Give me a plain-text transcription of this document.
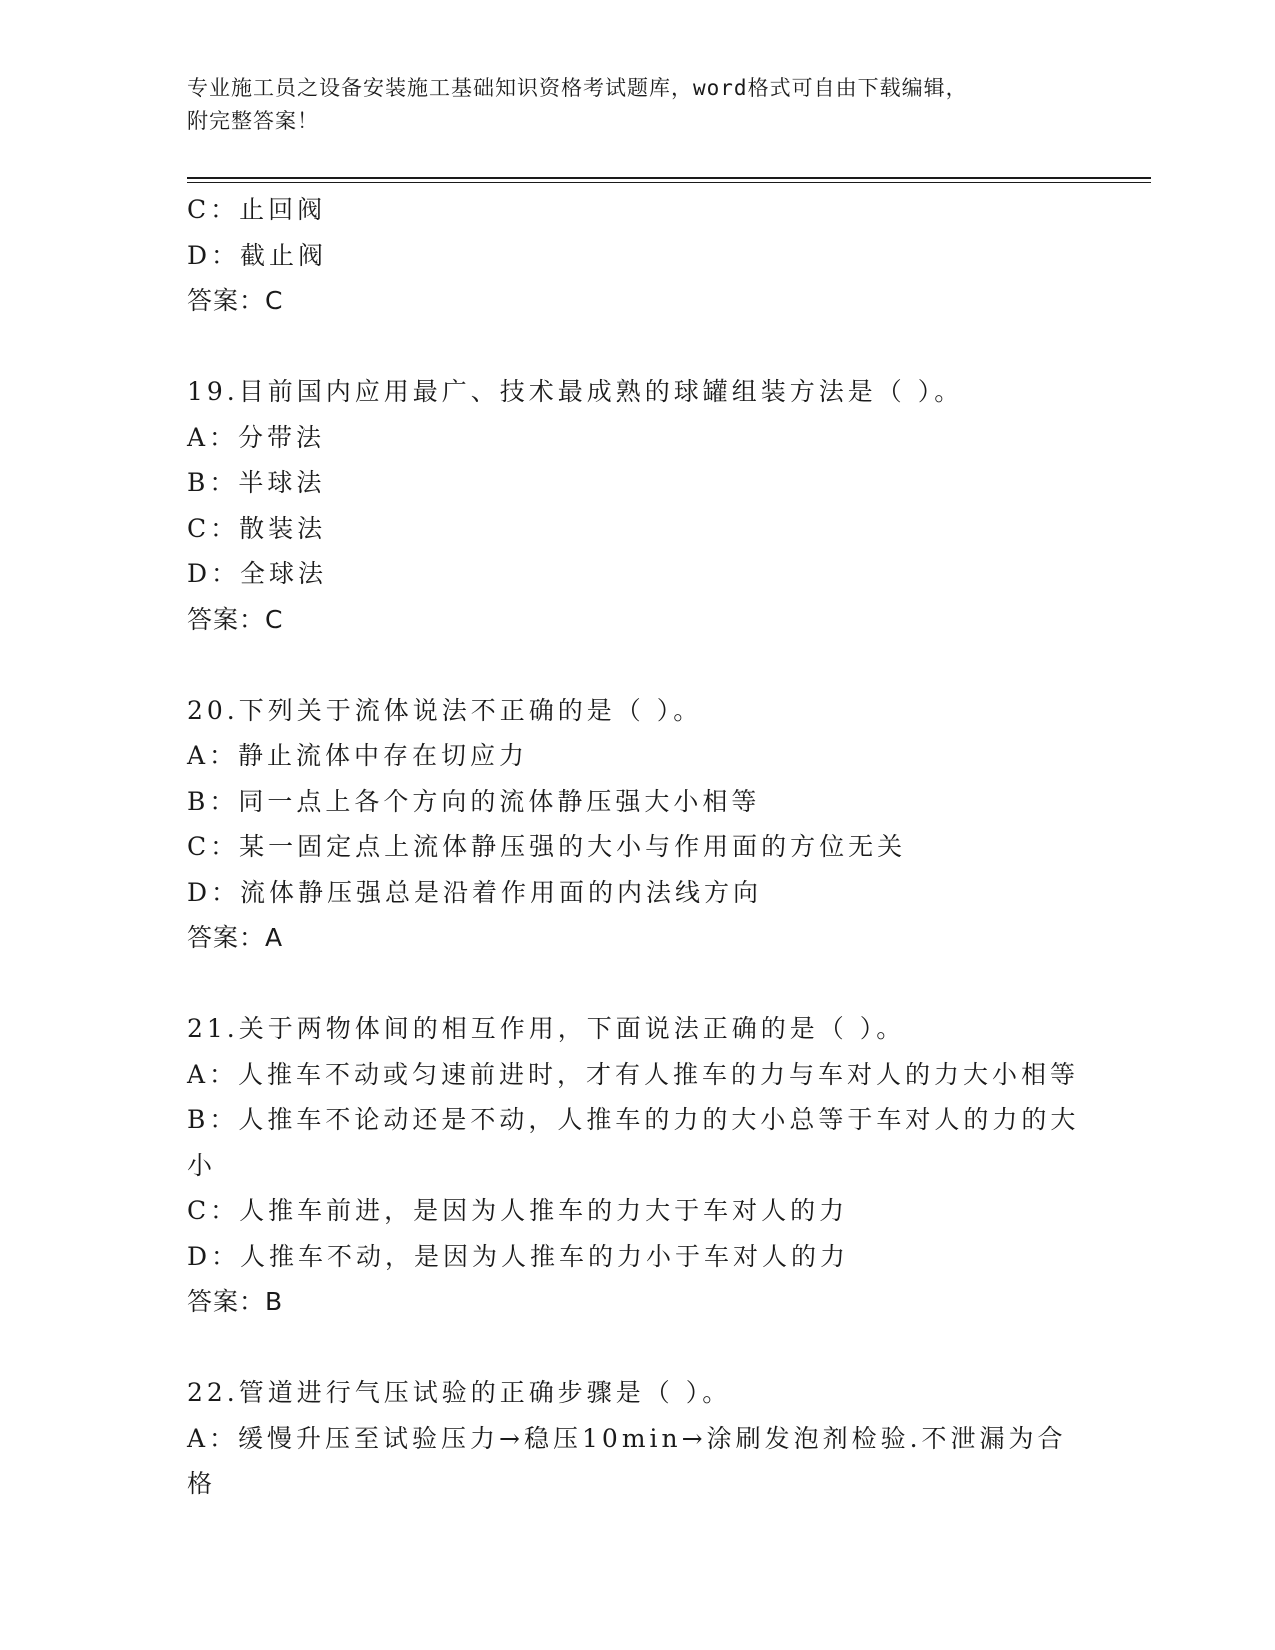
专业施工员之设备安装施工基础知识资格考试题库，word格式可自由下载编辑，
附完整答案！

C：止回阀

D：截止阀

答案：C

19.目前国内应用最广、技术最成熟的球罐组装方法是（ ）。

A：分带法

B：半球法

C：散装法

D：全球法

答案：C

20.下列关于流体说法不正确的是（ ）。

A：静止流体中存在切应力

B：同一点上各个方向的流体静压强大小相等

C：某一固定点上流体静压强的大小与作用面的方位无关

D：流体静压强总是沿着作用面的内法线方向

答案：A

21.关于两物体间的相互作用，下面说法正确的是（ ）。

A：人推车不动或匀速前进时，才有人推车的力与车对人的力大小相等

B：人推车不论动还是不动，人推车的力的大小总等于车对人的力的大小

C：人推车前进，是因为人推车的力大于车对人的力

D：人推车不动，是因为人推车的力小于车对人的力

答案：B

22.管道进行气压试验的正确步骤是（ ）。

A：缓慢升压至试验压力→稳压10min→涂刷发泡剂检验.不泄漏为合格
